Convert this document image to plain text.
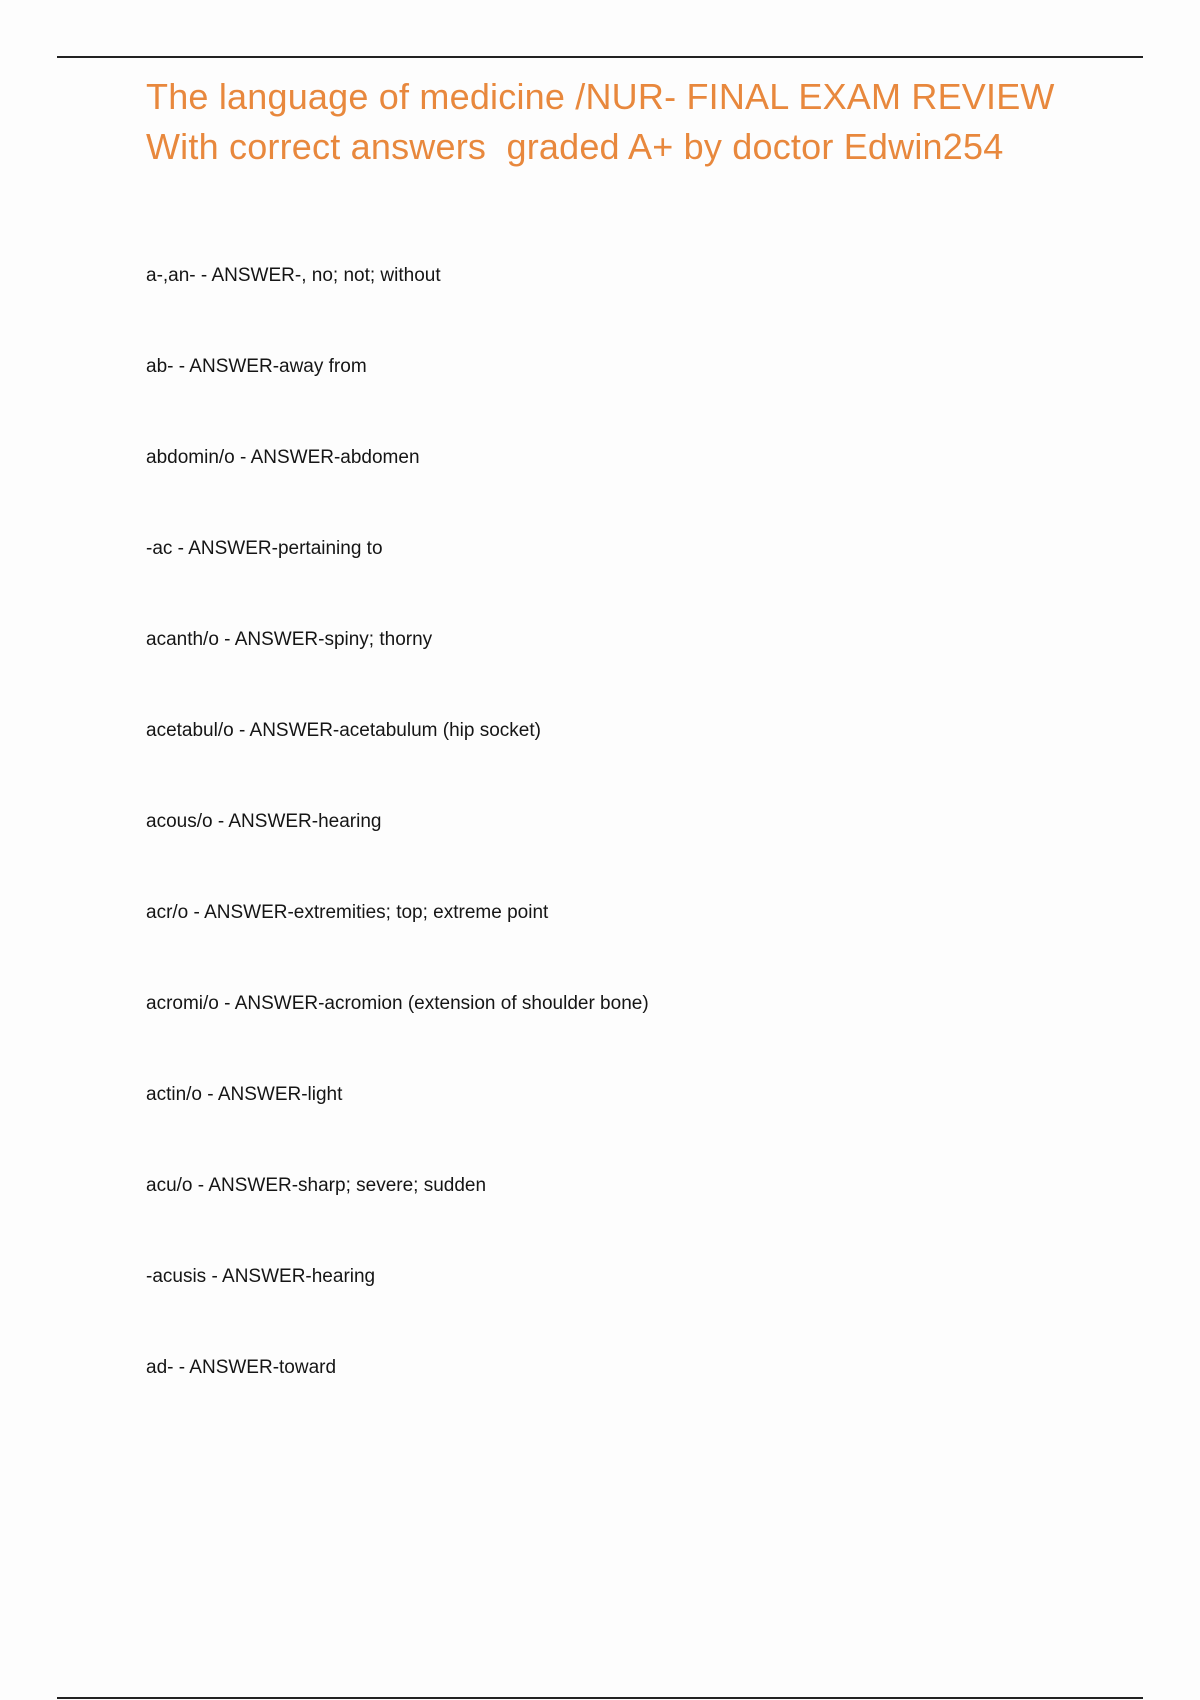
The language of medicine /NUR- FINAL EXAM REVIEW
With correct answers  graded A+ by doctor Edwin254
a-,an- - ANSWER-, no; not; without
ab- - ANSWER-away from
abdomin/o - ANSWER-abdomen
-ac - ANSWER-pertaining to
acanth/o - ANSWER-spiny; thorny
acetabul/o - ANSWER-acetabulum (hip socket)
acous/o - ANSWER-hearing
acr/o - ANSWER-extremities; top; extreme point
acromi/o - ANSWER-acromion (extension of shoulder bone)
actin/o - ANSWER-light
acu/o - ANSWER-sharp; severe; sudden
-acusis - ANSWER-hearing
ad- - ANSWER-toward
